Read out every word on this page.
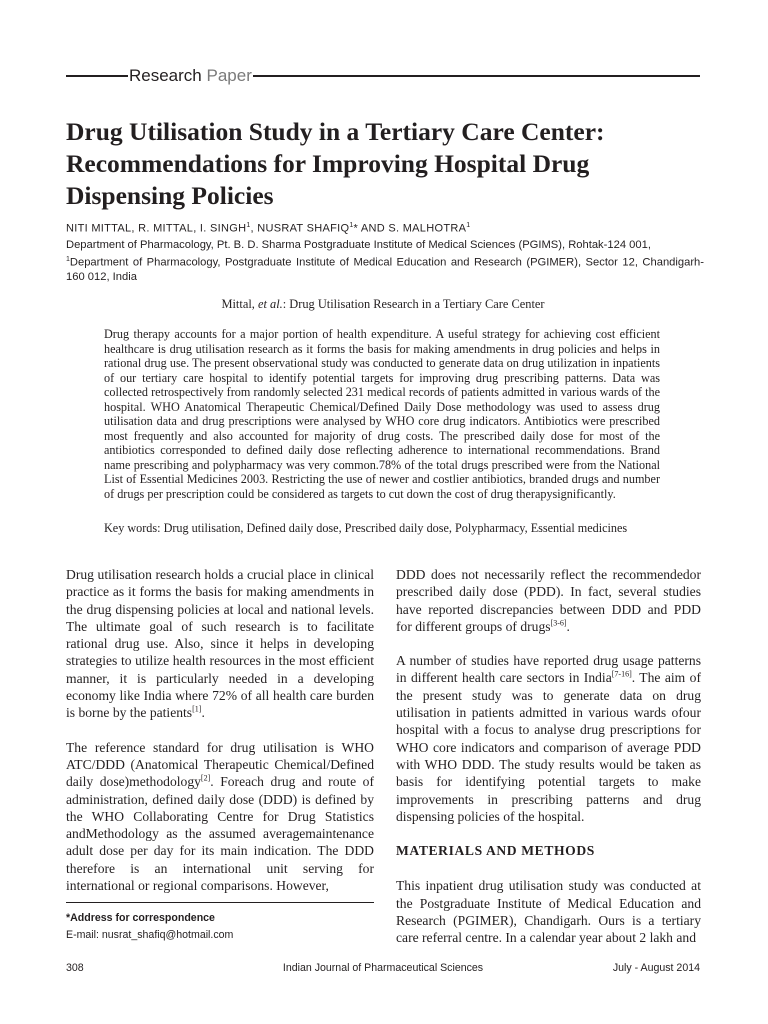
Research Paper
Drug Utilisation Study in a Tertiary Care Center: Recommendations for Improving Hospital Drug Dispensing Policies
NITI MITTAL, R. MITTAL, I. SINGH$^1$, NUSRAT SHAFIQ$^1$* AND S. MALHOTRA$^1$
Department of Pharmacology, Pt. B. D. Sharma Postgraduate Institute of Medical Sciences (PGIMS), Rohtak-124 001,
$^1$Department of Pharmacology, Postgraduate Institute of Medical Education and Research (PGIMER), Sector 12, Chandigarh-160 012, India
Mittal, et al.: Drug Utilisation Research in a Tertiary Care Center
Drug therapy accounts for a major portion of health expenditure. A useful strategy for achieving cost efficient healthcare is drug utilisation research as it forms the basis for making amendments in drug policies and helps in rational drug use. The present observational study was conducted to generate data on drug utilization in inpatients of our tertiary care hospital to identify potential targets for improving drug prescribing patterns. Data was collected retrospectively from randomly selected 231 medical records of patients admitted in various wards of the hospital. WHO Anatomical Therapeutic Chemical/Defined Daily Dose methodology was used to assess drug utilisation data and drug prescriptions were analysed by WHO core drug indicators. Antibiotics were prescribed most frequently and also accounted for majority of drug costs. The prescribed daily dose for most of the antibiotics corresponded to defined daily dose reflecting adherence to international recommendations. Brand name prescribing and polypharmacy was very common.78% of the total drugs prescribed were from the National List of Essential Medicines 2003. Restricting the use of newer and costlier antibiotics, branded drugs and number of drugs per prescription could be considered as targets to cut down the cost of drug therapysignificantly.
Key words: Drug utilisation, Defined daily dose, Prescribed daily dose, Polypharmacy, Essential medicines

Drug utilisation research holds a crucial place in clinical practice as it forms the basis for making amendments in the drug dispensing policies at local and national levels. The ultimate goal of such research is to facilitate rational drug use. Also, since it helps in developing strategies to utilize health resources in the most efficient manner, it is particularly needed in a developing economy like India where 72% of all health care burden is borne by the patients[1].

The reference standard for drug utilisation is WHO ATC/DDD (Anatomical Therapeutic Chemical/Defined daily dose)methodology[2]. Foreach drug and route of administration, defined daily dose (DDD) is defined by the WHO Collaborating Centre for Drug Statistics andMethodology as the assumed averagemaintenance adult dose per day for its main indication. The DDD therefore is an international unit serving for international or regional comparisons. However,

DDD does not necessarily reflect the recommendedor prescribed daily dose (PDD). In fact, several studies have reported discrepancies between DDD and PDD for different groups of drugs[3-6].

A number of studies have reported drug usage patterns in different health care sectors in India[7-16]. The aim of the present study was to generate data on drug utilisation in patients admitted in various wards ofour hospital with a focus to analyse drug prescriptions for WHO core indicators and comparison of average PDD with WHO DDD. The study results would be taken as basis for identifying potential targets to make improvements in prescribing patterns and drug dispensing policies of the hospital.

MATERIALS AND METHODS

This inpatient drug utilisation study was conducted at the Postgraduate Institute of Medical Education and Research (PGIMER), Chandigarh. Ours is a tertiary care referral centre. In a calendar year about 2 lakh and

*Address for correspondence
E-mail: nusrat_shafiq@hotmail.com
308	Indian Journal of Pharmaceutical Sciences	July - August 2014
